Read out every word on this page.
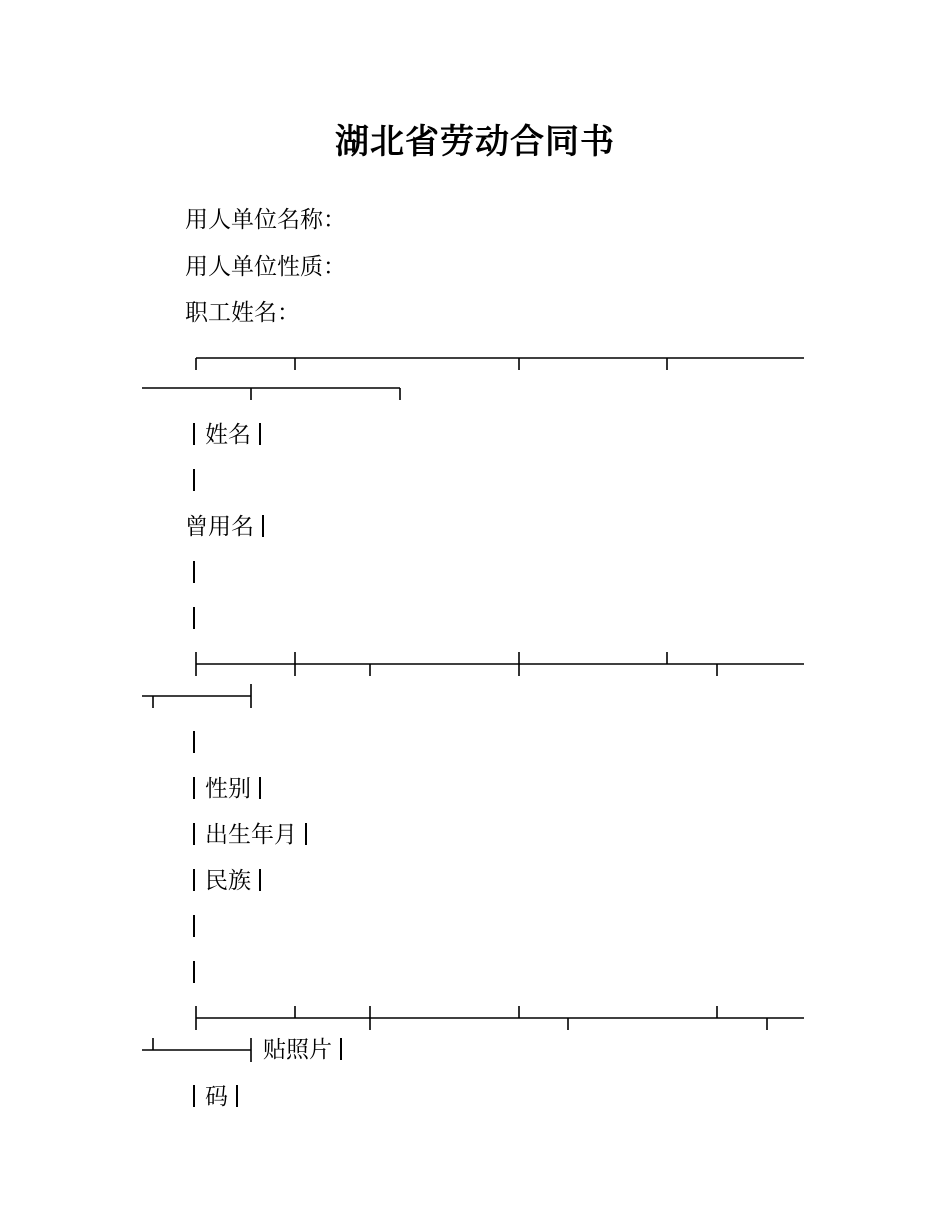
湖北省劳动合同书
用人单位名称：
用人单位性质：
职工姓名：
姓名
曾用名
性别
出生年月
民族
贴照片
码
